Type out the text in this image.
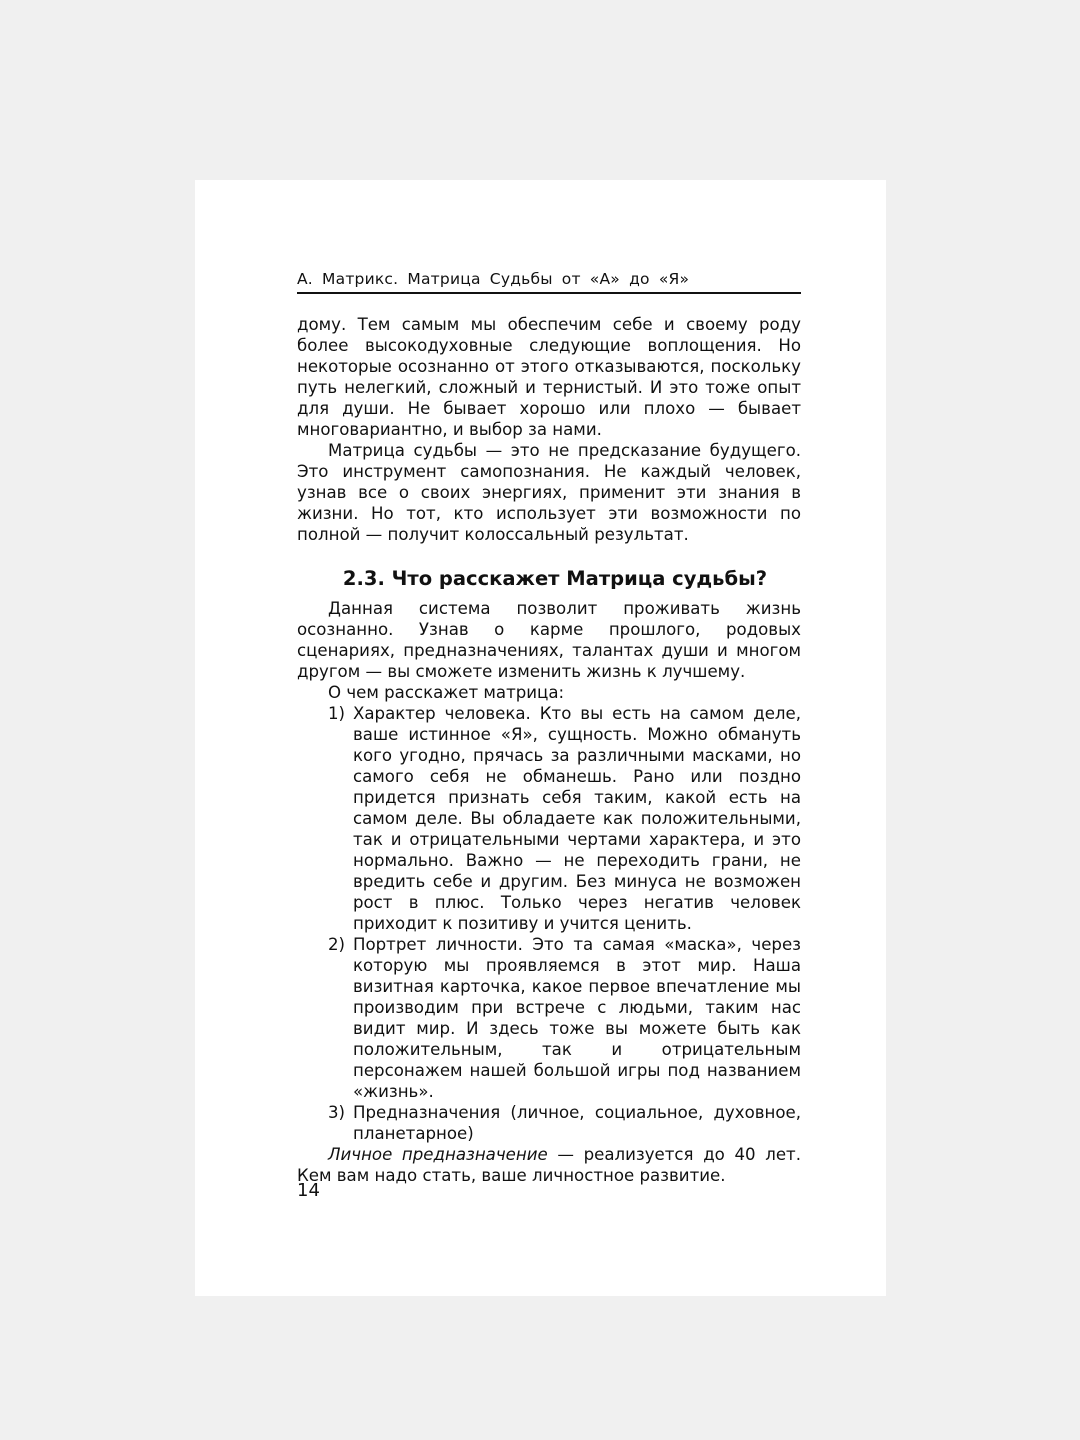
А. Матрикс. Матрица Судьбы от «А» до «Я»

дому. Тем самым мы обеспечим себе и своему роду более высокодуховные следующие воплощения. Но некоторые осознанно от этого отказываются, поскольку путь нелегкий, сложный и тернистый. И это тоже опыт для души. Не бывает хорошо или плохо — бывает многовариантно, и выбор за нами.

Матрица судьбы — это не предсказание будущего. Это инструмент самопознания. Не каждый человек, узнав все о своих энергиях, применит эти знания в жизни. Но тот, кто использует эти возможности по полной — получит колоссальный результат.

2.3. Что расскажет Матрица судьбы?

Данная система позволит проживать жизнь осознанно. Узнав о карме прошлого, родовых сценариях, предназначениях, талантах души и многом другом — вы сможете изменить жизнь к лучшему.

О чем расскажет матрица:

1) Характер человека. Кто вы есть на самом деле, ваше истинное «Я», сущность. Можно обмануть кого угодно, прячась за различными масками, но самого себя не обманешь. Рано или поздно придется признать себя таким, какой есть на самом деле. Вы обладаете как положительными, так и отрицательными чертами характера, и это нормально. Важно — не переходить грани, не вредить себе и другим. Без минуса не возможен рост в плюс. Только через негатив человек приходит к позитиву и учится ценить.
2) Портрет личности. Это та самая «маска», через которую мы проявляемся в этот мир. Наша визитная карточка, какое первое впечатление мы производим при встрече с людьми, таким нас видит мир. И здесь тоже вы можете быть как положительным, так и отрицательным персонажем нашей большой игры под названием «жизнь».
3) Предназначения (личное, социальное, духовное, планетарное)

Личное предназначение — реализуется до 40 лет. Кем вам надо стать, ваше личностное развитие.

14
